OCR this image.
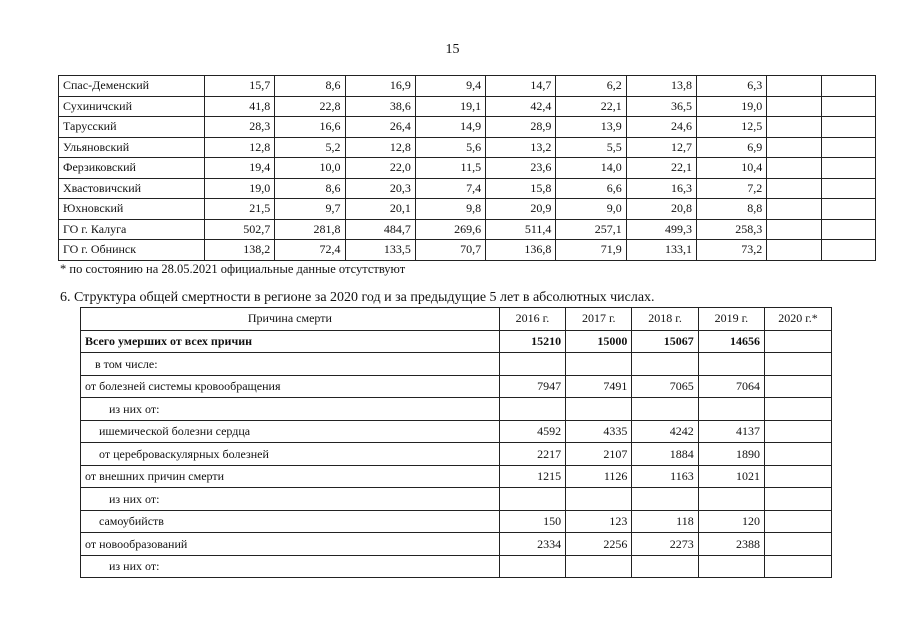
15
Спас-Деменский	15,7	8,6	16,9	9,4	14,7	6,2	13,8	6,3		
Сухиничский	41,8	22,8	38,6	19,1	42,4	22,1	36,5	19,0		
Тарусский	28,3	16,6	26,4	14,9	28,9	13,9	24,6	12,5		
Ульяновский	12,8	5,2	12,8	5,6	13,2	5,5	12,7	6,9		
Ферзиковский	19,4	10,0	22,0	11,5	23,6	14,0	22,1	10,4		
Хвастовичский	19,0	8,6	20,3	7,4	15,8	6,6	16,3	7,2		
Юхновский	21,5	9,7	20,1	9,8	20,9	9,0	20,8	8,8		
ГО г. Калуга	502,7	281,8	484,7	269,6	511,4	257,1	499,3	258,3		
ГО г. Обнинск	138,2	72,4	133,5	70,7	136,8	71,9	133,1	73,2		
* по состоянию на 28.05.2021 официальные данные отсутствуют
6. Структура общей смертности в регионе за 2020 год и за предыдущие 5 лет в абсолютных числах.
Причина смерти	2016 г.	2017 г.	2018 г.	2019 г.	2020 г.*
Всего умерших от всех причин	15210	15000	15067	14656	
в том числе:					
от болезней системы кровообращения	7947	7491	7065	7064	
из них от:					
ишемической болезни сердца	4592	4335	4242	4137	
от цереброваскулярных болезней	2217	2107	1884	1890	
от внешних причин смерти	1215	1126	1163	1021	
из них от:					
самоубийств	150	123	118	120	
от новообразований	2334	2256	2273	2388	
из них от:					
